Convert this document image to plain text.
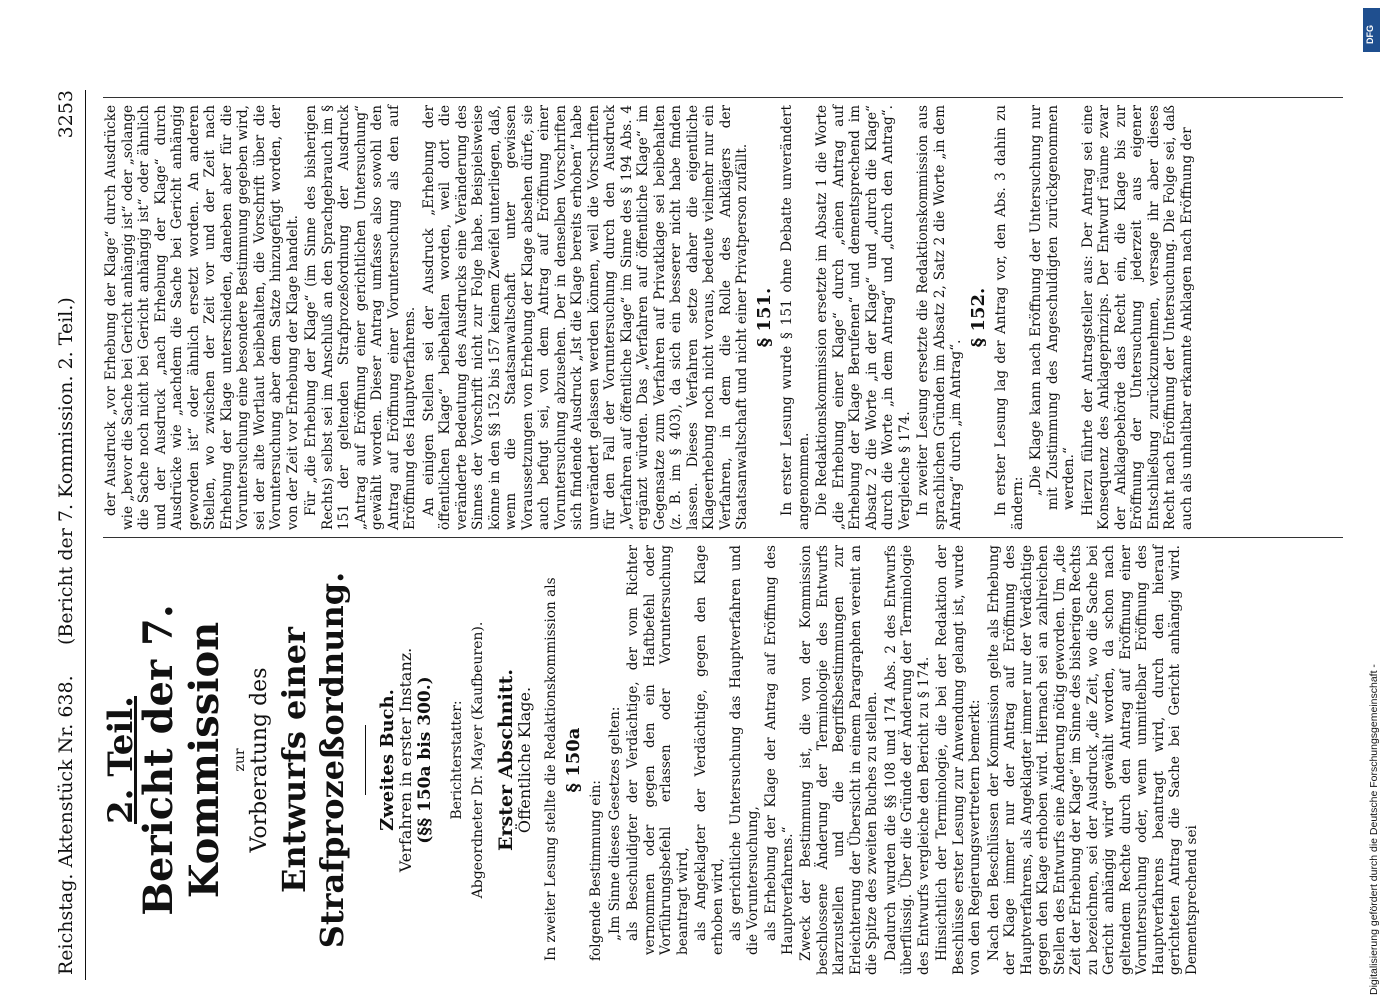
Reichstag. Aktenstück Nr. 638.
(Bericht der 7. Kommission. 2. Teil.)
3253
2. Teil.
Bericht der 7. Kommission zur Vorberatung des Entwurfs einer Strafprozeßordnung. Zweites Buch.
Verfahren in erster Instanz. (§§ 150a bis 300.) Berichterstatter: Abgeordneter Dr. Mayer (Kaufbeuren). Erster Abschnitt.
Öffentliche Klage. In zweiter Lesung stellte die Redaktionskommission als § 150a

folgende Bestimmung ein: „Im Sinne dieses Gesetzes gelten: als Beschuldigter der Verdächtige, der vom Richter vernommen oder gegen den ein Haftbefehl oder Vorführungsbefehl erlassen oder Voruntersuchung beantragt wird, als Angeklagter der Verdächtige, gegen den Klage erhoben wird, als gerichtliche Untersuchung das Hauptverfahren und die Voruntersuchung, als Erhebung der Klage der Antrag auf Eröffnung des Hauptverfahrens.“ Zweck der Bestimmung ist, die von der Kommission beschlossene Änderung der Terminologie des Entwurfs klarzustellen und die Begriffsbestimmungen zur Erleichterung der Übersicht in einem Paragraphen vereint an die Spitze des zweiten Buches zu stellen. Dadurch wurden die §§ 108 und 174 Abs. 2 des Entwurfs überflüssig. Über die Gründe der Änderung der Terminologie des Entwurfs vergleiche den Bericht zu § 174. Hinsichtlich der Terminologie, die bei der Redaktion der Beschlüsse erster Lesung zur Anwendung gelangt ist, wurde von den Regierungsvertretern bemerkt: Nach den Beschlüssen der Kommission gelte als Erhebung der Klage immer nur der Antrag auf Eröffnung des Hauptverfahrens, als Angeklagter immer nur der Verdächtige gegen den Klage erhoben wird. Hiernach sei an zahlreichen Stellen des Entwurfs eine Änderung nötig geworden. Um „die Zeit der Erhebung der Klage“ im Sinne des bisherigen Rechts zu bezeichnen, sei der Ausdruck „die Zeit, wo die Sache bei Gericht anhängig wird“ gewählt worden, da schon nach geltendem Rechte durch den Antrag auf Eröffnung einer Voruntersuchung oder, wenn unmittelbar Eröffnung des Hauptverfahrens beantragt wird, durch den hierauf gerichteten Antrag die Sache bei Gericht anhängig wird. Dementsprechend sei

der Ausdruck „vor Erhebung der Klage“ durch Ausdrücke wie „bevor die Sache bei Gericht anhängig ist“ oder „solange die Sache noch nicht bei Gericht anhängig ist“ oder ähnlich und der Ausdruck „nach Erhebung der Klage“ durch Ausdrücke wie „nachdem die Sache bei Gericht anhängig geworden ist“ oder ähnlich ersetzt worden. An anderen Stellen, wo zwischen der Zeit vor und der Zeit nach Erhebung der Klage unterschieden, daneben aber für die Voruntersuchung eine besondere Bestimmung gegeben wird, sei der alte Wortlaut beibehalten, die Vorschrift über die Voruntersuchung aber dem Satze hinzugefügt worden, der von der Zeit vor Erhebung der Klage handelt. Für „die Erhebung der Klage“ (im Sinne des bisherigen Rechts) selbst sei im Anschluß an den Sprachgebrauch im § 151 der geltenden Strafprozeßordnung der Ausdruck „Antrag auf Eröffnung einer gerichtlichen Untersuchung“ gewählt worden. Dieser Antrag umfasse also sowohl den Antrag auf Eröffnung einer Voruntersuchung als den auf Eröffnung des Hauptverfahrens. An einigen Stellen sei der Ausdruck „Erhebung der öffentlichen Klage“ beibehalten worden, weil dort die veränderte Bedeutung des Ausdrucks eine Veränderung des Sinnes der Vorschrift nicht zur Folge habe. Beispielsweise könne in den §§ 152 bis 157 keinem Zweifel unterliegen, daß, wenn die Staatsanwaltschaft unter gewissen Voraussetzungen von Erhebung der Klage absehen dürfe, sie auch befugt sei, von dem Antrag auf Eröffnung einer Voruntersuchung abzusehen. Der in denselben Vorschriften sich findende Ausdruck „Ist die Klage bereits erhoben“ habe unverändert gelassen werden können, weil die Vorschriften für den Fall der Voruntersuchung durch den Ausdruck „Verfahren auf öffentliche Klage“ im Sinne des § 194 Abs. 4 ergänzt würden. Das „Verfahren auf öffentliche Klage“ im Gegensatze zum Verfahren auf Privatklage sei beibehalten (z. B. im § 403), da sich ein besserer nicht habe finden lassen. Dieses Verfahren setze daher die eigentliche Klageerhebung noch nicht voraus, bedeute vielmehr nur ein Verfahren, in dem die Rolle des Anklägers der Staatsanwaltschaft und nicht einer Privatperson zufällt. § 151. In erster Lesung wurde § 151 ohne Debatte unverändert angenommen. Die Redaktionskommission ersetzte im Absatz 1 die Worte „die Erhebung einer Klage“ durch „einen Antrag auf Erhebung der Klage Berufenen“ und dementsprechend im Absatz 2 die Worte „in der Klage“ und „durch die Klage“ durch die Worte „in dem Antrag“ und „durch den Antrag“. Vergleiche § 174. In zweiter Lesung ersetzte die Redaktionskommission aus sprachlichen Gründen im Absatz 2, Satz 2 die Worte „in dem Antrag“ durch „im Antrag“.

§ 152. In erster Lesung lag der Antrag vor, den Abs. 3 dahin zu ändern:

„Die Klage kann nach Eröffnung der Untersuchung nur mit Zustimmung des Angeschuldigten zurückgenommen werden.“ Hierzu führte der Antragsteller aus: Der Antrag sei eine Konsequenz des Anklageprinzips. Der Entwurf räume zwar der Anklagebehörde das Recht ein, die Klage bis zur Eröffnung der Untersuchung jederzeit aus eigener Entschließung zurückzunehmen, versage ihr aber dieses Recht nach Eröffnung der Untersuchung. Die Folge sei, daß auch als unhaltbar erkannte Anklagen nach Eröffnung der

Digitalisierung gefördert durch die Deutsche Forschungsgemeinschaft -
DFG
